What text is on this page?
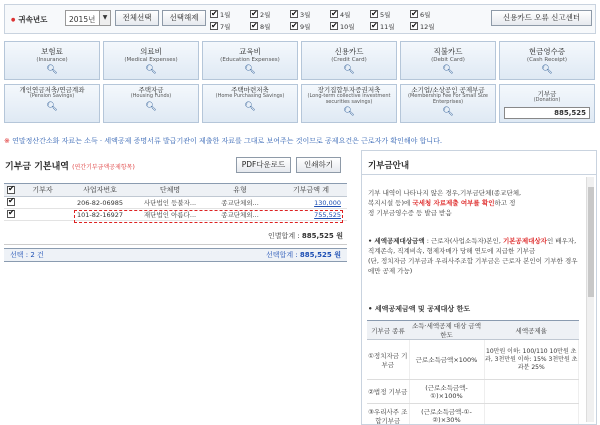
● 귀속년도	2015년	▼	전체선택	선택해제 ✔	1월 ✔	2월 ✔	3월 ✔	4월 ✔	5월 ✔	6월
✔7월 ✔	8월 ✔	9월 ✔	10월 ✔	11월 ✔	12월
신용카드 오류 신고센터
보험료
(Insurance)
🔍︎
의료비
(Medical Expenses)
🔍︎
교육비
(Education Expenses)
🔍︎
신용카드
(Credit Card)
🔍︎
직불카드
(Debit Card)
🔍︎
현금영수증
(Cash Receipt)
🔍︎
개인연금저축/연금계좌
(Pension Savings)
🔍︎
주택자금
(Housing Funds)
🔍︎
주택마련저축
(Home Purchasing Savings)
🔍︎
장기집합투자증권저축
(Long-term collective investment securities savings)
🔍︎
소기업/소상공인 공제부금
(Membership Fee For Small Size Enterprises)
🔍︎
기부금
(Donation)
885,525
※ 연말정산간소화 자료는 소득 · 세액공제 증명서류 발급기관이 제출한 자료를 그대로 보여주는 것이므로 공제요건은 근로자가 확인해야 합니다.
기부금 기본내역 (연간기부금액공제항목)	PDF다운로드	인쇄하기
✔	기부자	사업자번호	단체명	유형	기부금액 계
✔		206-82-06985	사단법인 등불자...	종교단체외...	130,000
✔		101-82-16927	재단법인 아름다...	종교단체외...	755,525
인별합계 : 885,525 원
선택 : 2 건	선택합계 : 885,525 원
기부금안내
기부 내역이 나타나지 않은 경우,기부금단체(종교단체,
복지시설 등)에 국세청 자료제출 여부를 확인하고 정
정 기부금영수증 등 발급 받음
• 세액공제대상금액 : 근로자(사업소득자)본인, 기본공제대상자인 배우자, 직계존속, 직계비속, 형제자매가 당해 연도에 지급한 기부금
(단, 정치자금 기부금과 우리사주조합 기부금은 근로자 본인이 기부한 경우에만 공제 가능)
• 세액공제금액 및 공제대상 한도
기부금 종류	소득·세액공제 대상 금액 한도	세액공제율
①정치자금 기부금	근로소득금액×100%	10만원 이하: 100/110 10만원 초과, 3천만원 이하: 15% 3천만원 초과분 25%
②법정 기부금	(근로소득금액-①)×100%	
③우리사주 조합기부금	(근로소득금액-①-②)×30%	
